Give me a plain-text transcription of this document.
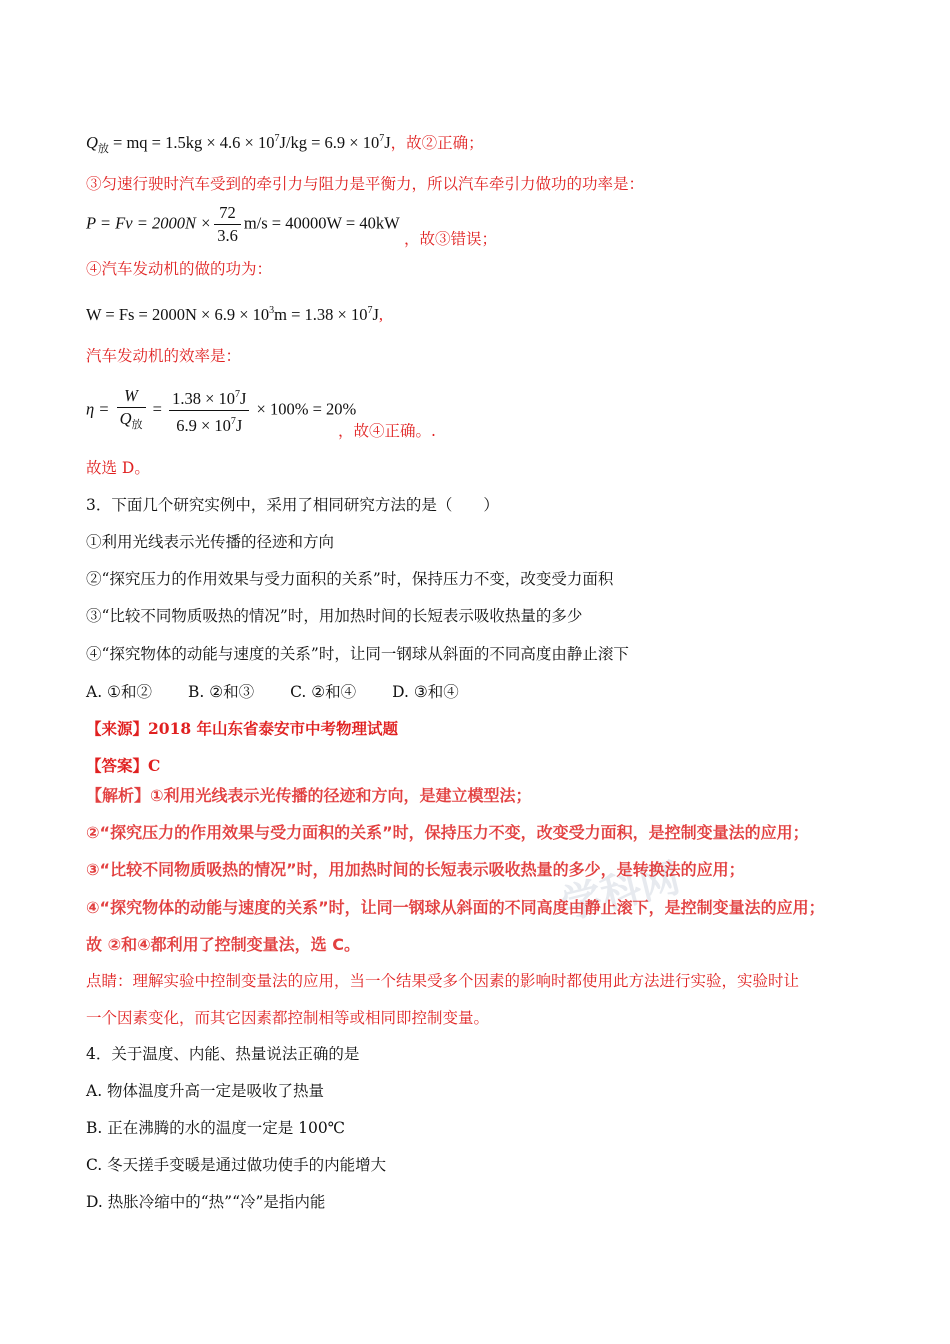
学科网
$Q_放$ = mq = $1.5kg \times 4.6 \times 10^7J/kg = 6.9 \times 10^7J$，故②正确；
③匀速行驶时汽车受到的牵引力与阻力是平衡力，所以汽车牵引力做功的功率是：
$P = Fv = 2000N \times \frac{72}{3.6} m/s = 40000W = 40kW$
，故③错误；
④汽车发动机的做的功为：
$W = Fs = 2000N \times 6.9 \times 10^3m = 1.38 \times 10^7J$,
汽车发动机的效率是：
$\eta = \frac{W}{Q_放} = \frac{1.38 \times 10^7J}{6.9 \times 10^7J} \times 100\% = 20\%$
，故④正确。.
故选 D。
3．下面几个研究实例中，采用了相同研究方法的是（　　）
①利用光线表示光传播的径迹和方向
②“探究压力的作用效果与受力面积的关系”时，保持压力不变，改变受力面积
③“比较不同物质吸热的情况”时，用加热时间的长短表示吸收热量的多少
④“探究物体的动能与速度的关系”时，让同一钢球从斜面的不同高度由静止滚下
A. ①和② B. ②和③ C. ②和④ D. ③和④
【来源】2018 年山东省泰安市中考物理试题
【答案】C
【解析】①利用光线表示光传播的径迹和方向，是建立模型法；
②“探究压力的作用效果与受力面积的关系”时，保持压力不变，改变受力面积，是控制变量法的应用；
③“比较不同物质吸热的情况”时，用加热时间的长短表示吸收热量的多少，是转换法的应用；
④“探究物体的动能与速度的关系”时，让同一钢球从斜面的不同高度由静止滚下，是控制变量法的应用；
故 ②和④都利用了控制变量法，选 C。
点睛：理解实验中控制变量法的应用，当一个结果受多个因素的影响时都使用此方法进行实验，实验时让
一个因素变化，而其它因素都控制相等或相同即控制变量。
4．关于温度、内能、热量说法正确的是
A. 物体温度升高一定是吸收了热量
B. 正在沸腾的水的温度一定是 100℃
C. 冬天搓手变暖是通过做功使手的内能增大
D. 热胀冷缩中的“热”“冷”是指内能
